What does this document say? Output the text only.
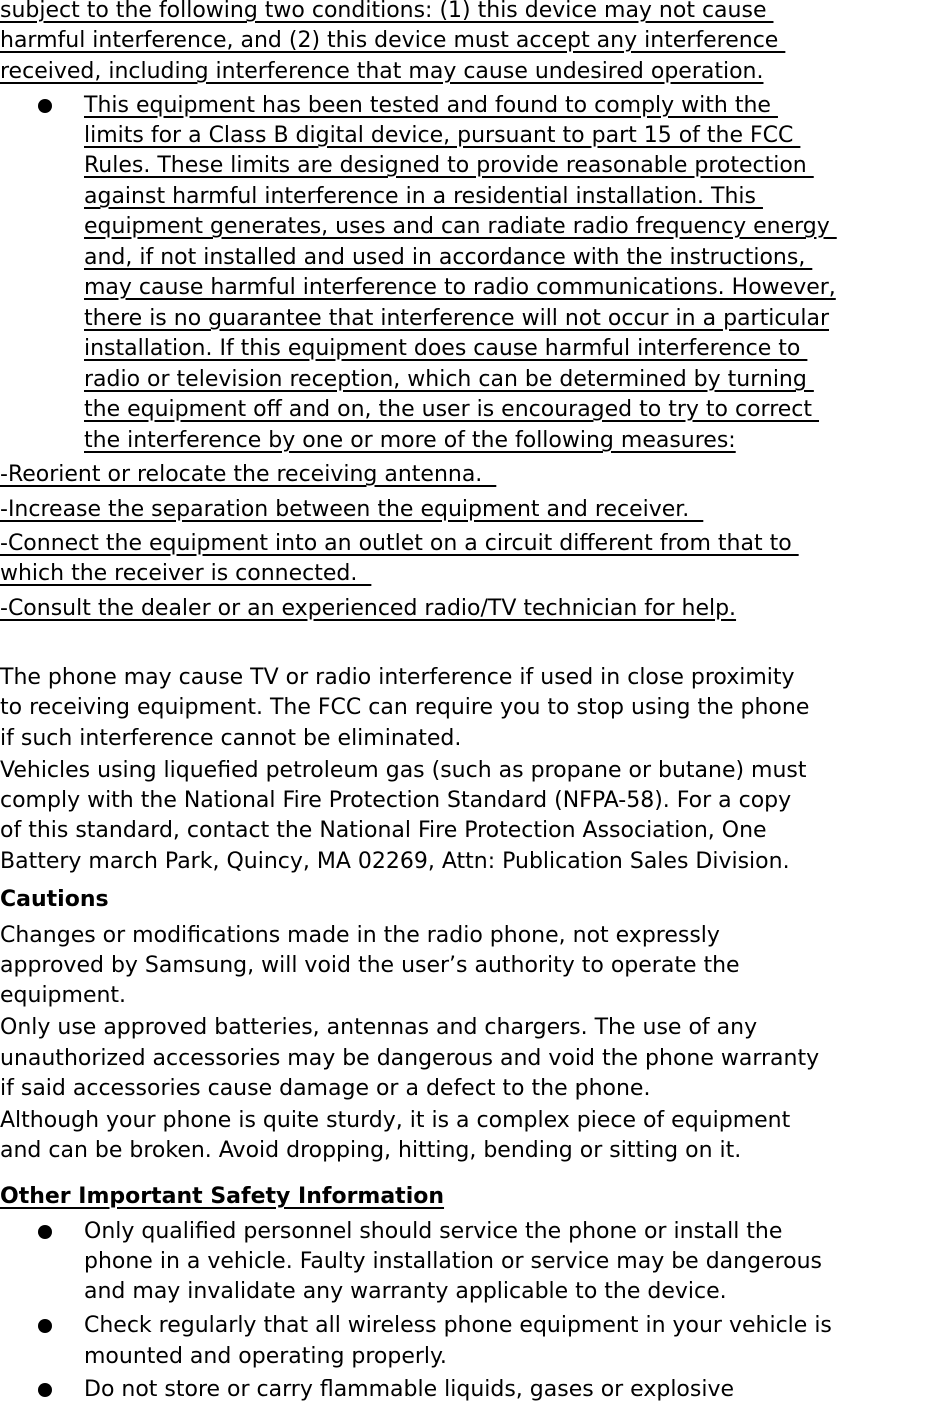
subject to the following two conditions: (1) this device may not cause
harmful interference, and (2) this device must accept any interference
received, including interference that may cause undesired operation.
This equipment has been tested and found to comply with the
limits for a Class B digital device, pursuant to part 15 of the FCC
Rules. These limits are designed to provide reasonable protection
against harmful interference in a residential installation. This
equipment generates, uses and can radiate radio frequency energy
and, if not installed and used in accordance with the instructions,
may cause harmful interference to radio communications. However,
there is no guarantee that interference will not occur in a particular
installation. If this equipment does cause harmful interference to
radio or television reception, which can be determined by turning
the equipment off and on, the user is encouraged to try to correct
the interference by one or more of the following measures:
-Reorient or relocate the receiving antenna.
-Increase the separation between the equipment and receiver.
-Connect the equipment into an outlet on a circuit different from that to
which the receiver is connected.
-Consult the dealer or an experienced radio/TV technician for help.
The phone may cause TV or radio interference if used in close proximity
to receiving equipment. The FCC can require you to stop using the phone
if such interference cannot be eliminated.
Vehicles using liquefied petroleum gas (such as propane or butane) must
comply with the National Fire Protection Standard (NFPA-58). For a copy
of this standard, contact the National Fire Protection Association, One
Battery march Park, Quincy, MA 02269, Attn: Publication Sales Division.
Cautions
Changes or modifications made in the radio phone, not expressly
approved by Samsung, will void the user’s authority to operate the
equipment.
Only use approved batteries, antennas and chargers. The use of any
unauthorized accessories may be dangerous and void the phone warranty
if said accessories cause damage or a defect to the phone.
Although your phone is quite sturdy, it is a complex piece of equipment
and can be broken. Avoid dropping, hitting, bending or sitting on it.
Other Important Safety Information
Only qualified personnel should service the phone or install the
phone in a vehicle. Faulty installation or service may be dangerous
and may invalidate any warranty applicable to the device.
Check regularly that all wireless phone equipment in your vehicle is
mounted and operating properly.
Do not store or carry flammable liquids, gases or explosive
